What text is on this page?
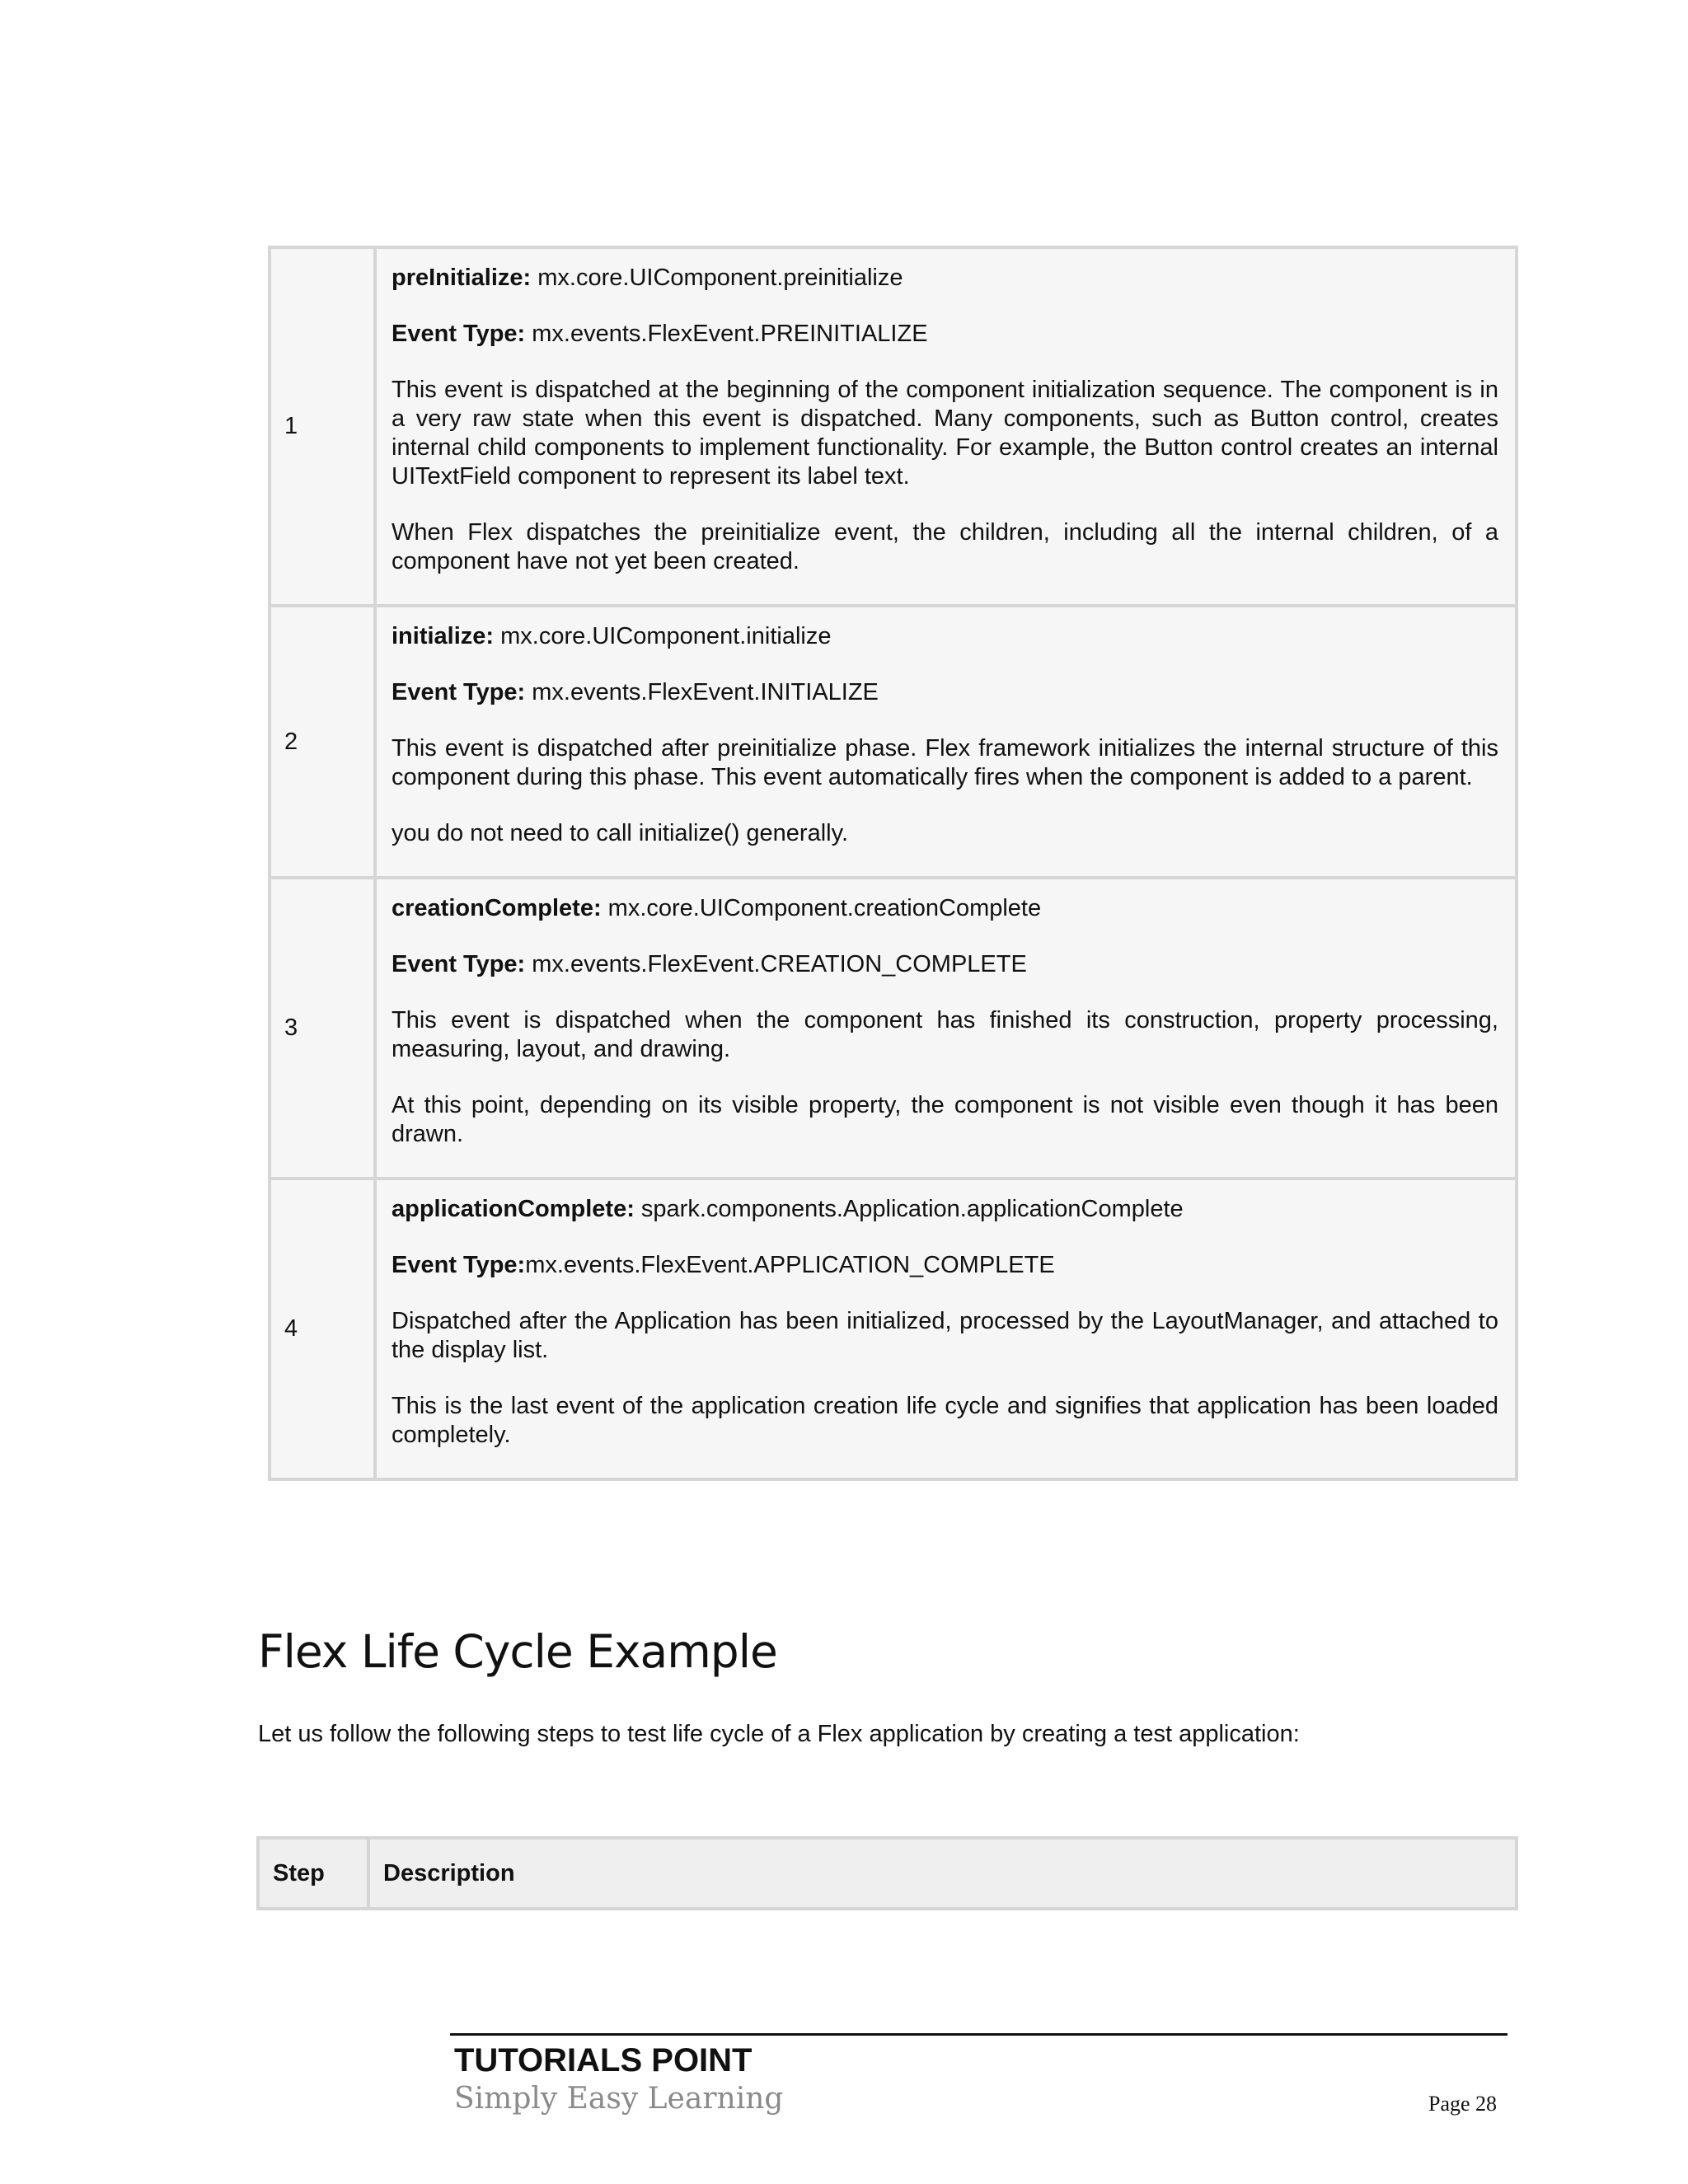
1	preInitialize: mx.core.UIComponent.preinitialize

Event Type: mx.events.FlexEvent.PREINITIALIZE

This event is dispatched at the beginning of the component initialization sequence. The component is in a very raw state when this event is dispatched. Many components, such as Button control, creates internal child components to implement functionality. For example, the Button control creates an internal UITextField component to represent its label text.

When Flex dispatches the preinitialize event, the children, including all the internal children, of a component have not yet been created.

2	initialize: mx.core.UIComponent.initialize

Event Type: mx.events.FlexEvent.INITIALIZE

This event is dispatched after preinitialize phase. Flex framework initializes the internal structure of this component during this phase. This event automatically fires when the component is added to a parent.

you do not need to call initialize() generally.

3	creationComplete: mx.core.UIComponent.creationComplete

Event Type: mx.events.FlexEvent.CREATION_COMPLETE

This event is dispatched when the component has finished its construction, property processing, measuring, layout, and drawing.

At this point, depending on its visible property, the component is not visible even though it has been drawn.

4	applicationComplete: spark.components.Application.applicationComplete

Event Type:mx.events.FlexEvent.APPLICATION_COMPLETE

Dispatched after the Application has been initialized, processed by the LayoutManager, and attached to the display list.

This is the last event of the application creation life cycle and signifies that application has been loaded completely.

Flex Life Cycle Example

Let us follow the following steps to test life cycle of a Flex application by creating a test application:

Step	Description

TUTORIALS POINT

Simply Easy Learning	Page 28
